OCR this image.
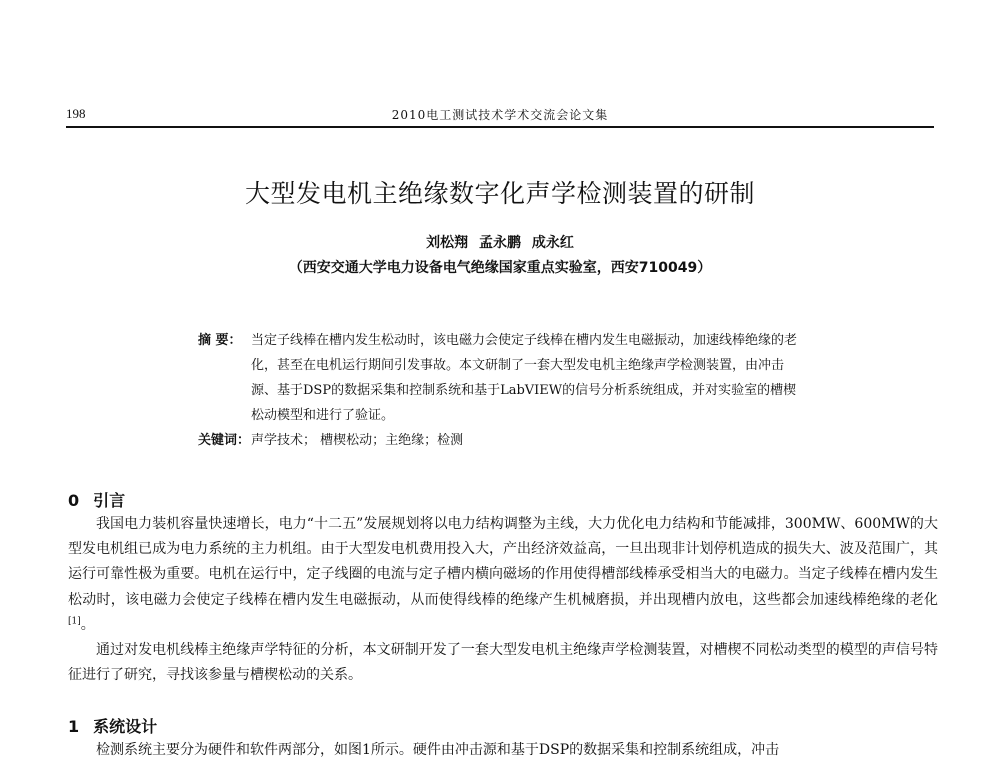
198	2010电工测试技术学术交流会论文集
大型发电机主绝缘数字化声学检测装置的研制
刘松翔 孟永鹏 成永红
（西安交通大学电力设备电气绝缘国家重点实验室，西安710049）
摘 要： 当定子线棒在槽内发生松动时，该电磁力会使定子线棒在槽内发生电磁振动，加速线棒绝缘的老化，甚至在电机运行期间引发事故。本文研制了一套大型发电机主绝缘声学检测装置，由冲击源、基于DSP的数据采集和控制系统和基于LabVIEW的信号分析系统组成，并对实验室的槽楔松动模型和进行了验证。
关键词： 声学技术； 槽楔松动；主绝缘；检测
0 引言

我国电力装机容量快速增长，电力“十二五”发展规划将以电力结构调整为主线，大力优化电力结构和节能减排，300MW、600MW的大型发电机组已成为电力系统的主力机组。由于大型发电机费用投入大，产出经济效益高，一旦出现非计划停机造成的损失大、波及范围广，其运行可靠性极为重要。电机在运行中，定子线圈的电流与定子槽内横向磁场的作用使得槽部线棒承受相当大的电磁力。当定子线棒在槽内发生松动时，该电磁力会使定子线棒在槽内发生电磁振动，从而使得线棒的绝缘产生机械磨损，并出现槽内放电，这些都会加速线棒绝缘的老化[1]。

通过对发电机线棒主绝缘声学特征的分析，本文研制开发了一套大型发电机主绝缘声学检测装置，对槽楔不同松动类型的模型的声信号特征进行了研究，寻找该参量与槽楔松动的关系。

1 系统设计

检测系统主要分为硬件和软件两部分，如图1所示。硬件由冲击源和基于DSP的数据采集和控制系统组成，冲击
